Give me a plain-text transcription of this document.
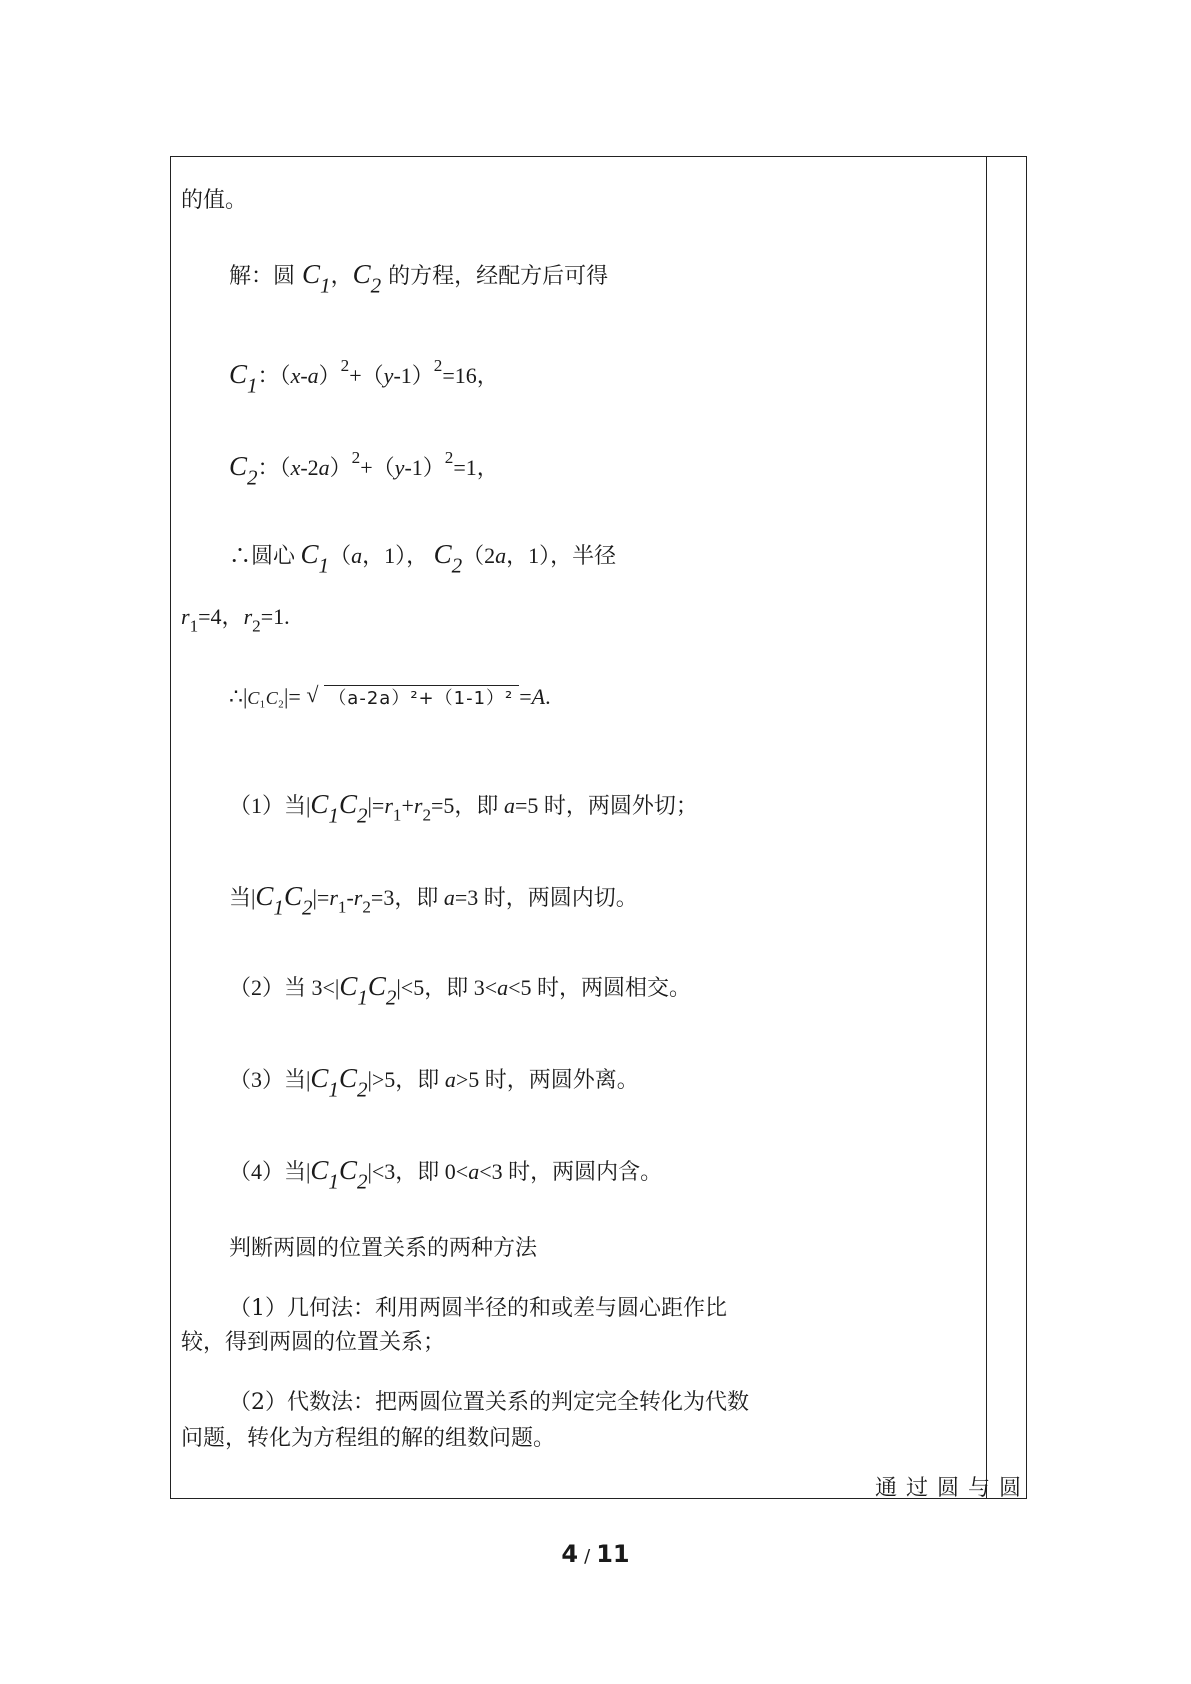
的值。
解：圆 $C_1$，$C_2$ 的方程，经配方后可得
$C_1$：$(x-a)^2+(y-1)^2=16$，
$C_2$：$(x-2a)^2+(y-1)^2=1$，
∴圆心 $C_1(a$，1）， $C_2(2a$，1），半径
$r_1=4$，$r_2=1$.
∴|C₁C₂|= √ （a-2a）²+（1-1）² =A.
（1）当$|C_1C_2|=r_1+r_2=5$，即 a=5 时，两圆外切；
当$|C_1C_2|=r_1-r_2=3$，即 a=3 时，两圆内切。
（2）当 $3<|C_1C_2|<5$，即 3<a<5 时，两圆相交。
（3）当$|C_1C_2|>5$，即 a>5 时，两圆外离。
（4）当$|C_1C_2|<3$，即 0<a<3 时，两圆内含。
判断两圆的位置关系的两种方法
（1）几何法：利用两圆半径的和或差与圆心距作比
较，得到两圆的位置关系；
（2）代数法：把两圆位置关系的判定完全转化为代数
问题，转化为方程组的解的组数问题。
通过圆与圆
4 / 11
